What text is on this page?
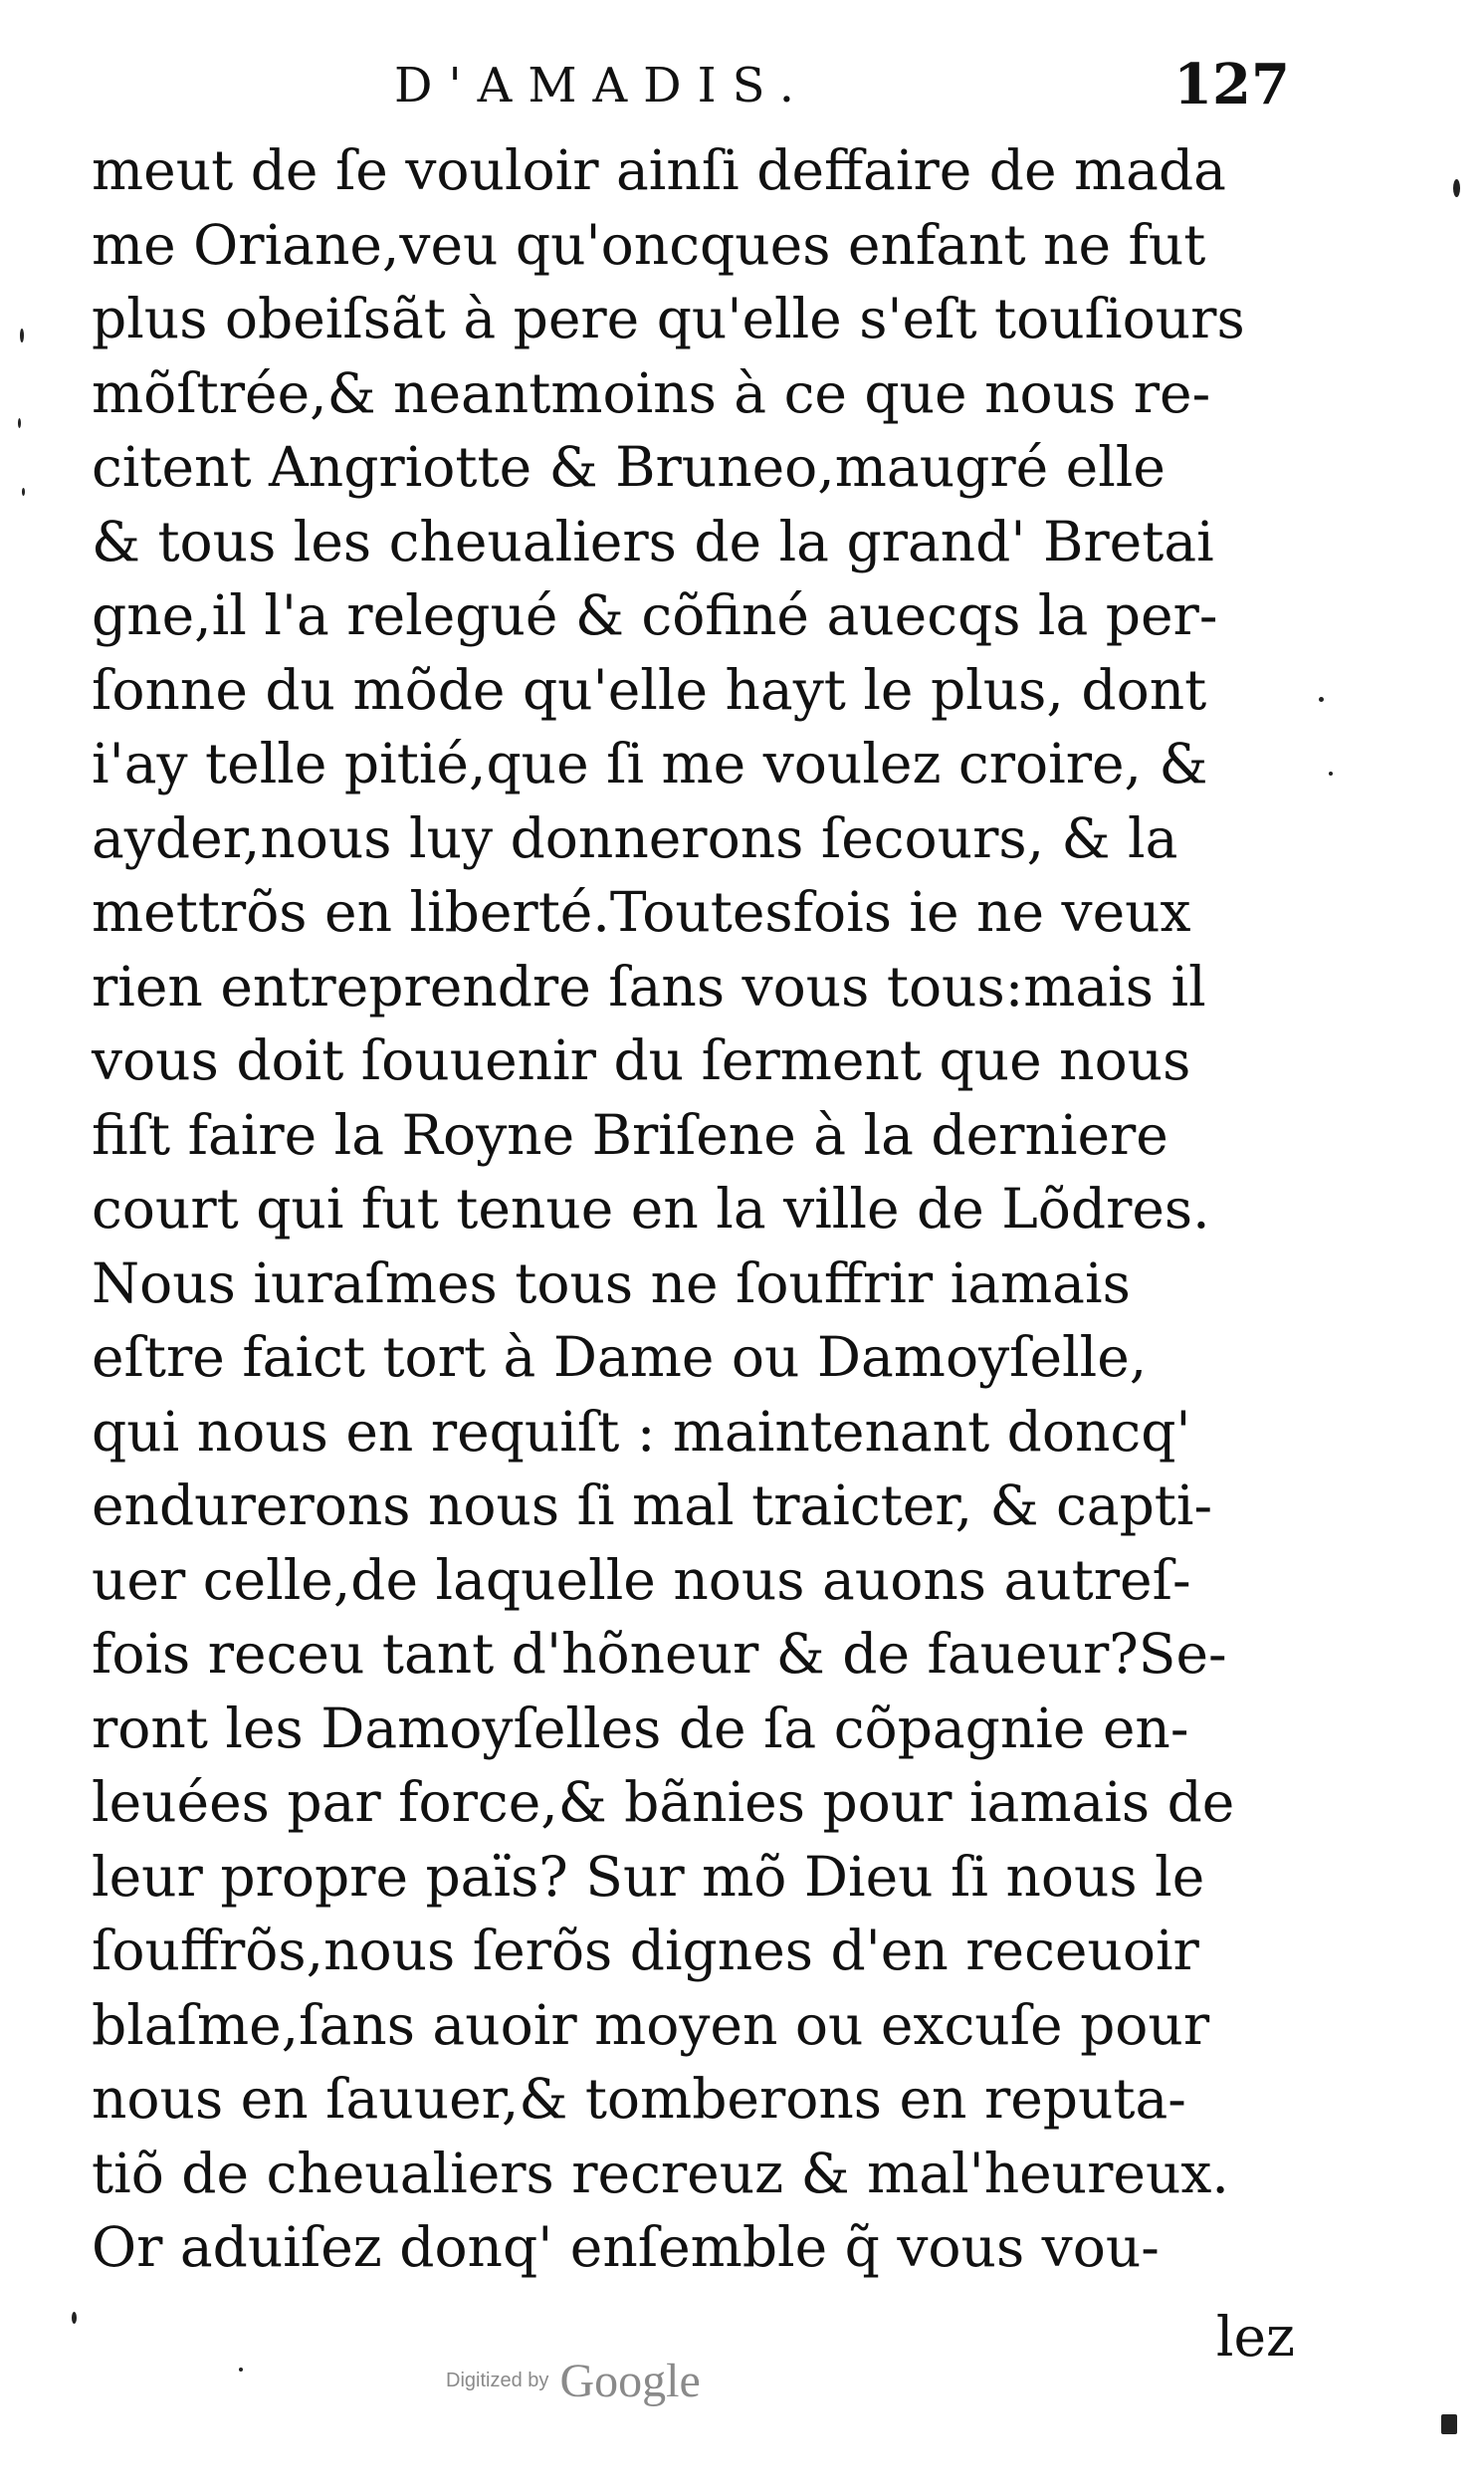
D'AMADIS.	127
meut de ſe vouloir ainſi deffaire de mada
me Oriane,veu qu'oncques enfant ne fut
plus obeiſsãt à pere qu'elle s'eſt touſiours
mõſtrée,& neantmoins à ce que nous re-
citent Angriotte & Bruneo,maugré elle
& tous les cheualiers de la grand' Bretai
gne,il l'a relegué & cõfiné auecqs la per-
ſonne du mõde qu'elle hayt le plus, dont
i'ay telle pitié,que ſi me voulez croire, &
ayder,nous luy donnerons ſecours, & la
mettrõs en liberté.Toutesfois ie ne veux
rien entreprendre ſans vous tous:mais il
vous doit ſouuenir du ſerment que nous
fiſt faire la Royne Briſene à la derniere
court qui fut tenue en la ville de Lõdres.
Nous iuraſmes tous ne ſouffrir iamais
eſtre faict tort à Dame ou Damoyſelle,
qui nous en requiſt : maintenant doncq'
endurerons nous ſi mal traicter, & capti-
uer celle,de laquelle nous auons autreſ-
fois receu tant d'hõneur & de faueur?Se-
ront les Damoyſelles de ſa cõpagnie en-
leuées par force,& bãnies pour iamais de
leur propre païs? Sur mõ Dieu ſi nous le
ſouffrõs,nous ſerõs dignes d'en receuoir
blaſme,ſans auoir moyen ou excuſe pour
nous en ſauuer,& tomberons en reputa-
tiõ de cheualiers recreuz & mal'heureux.
Or aduiſez donq' enſemble q̃ vous vou-
lez
Digitized by Google
